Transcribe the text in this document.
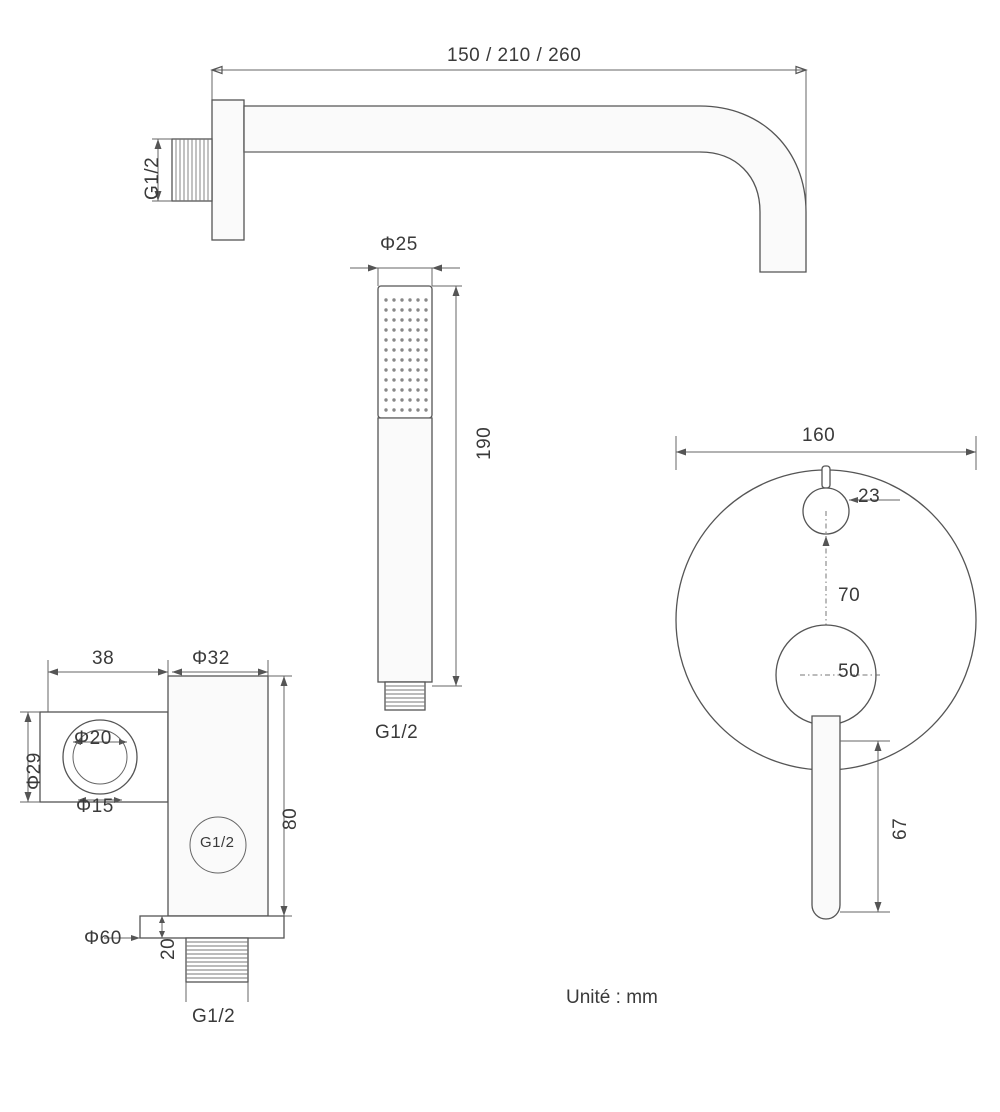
150 / 210 / 260
G1/2
Φ25
190
G1/2
38	Φ32
Φ29
Φ20
Φ15
80
Φ60 20
G1/2
G1/2
160
23
70
50
67
Unité : mm
